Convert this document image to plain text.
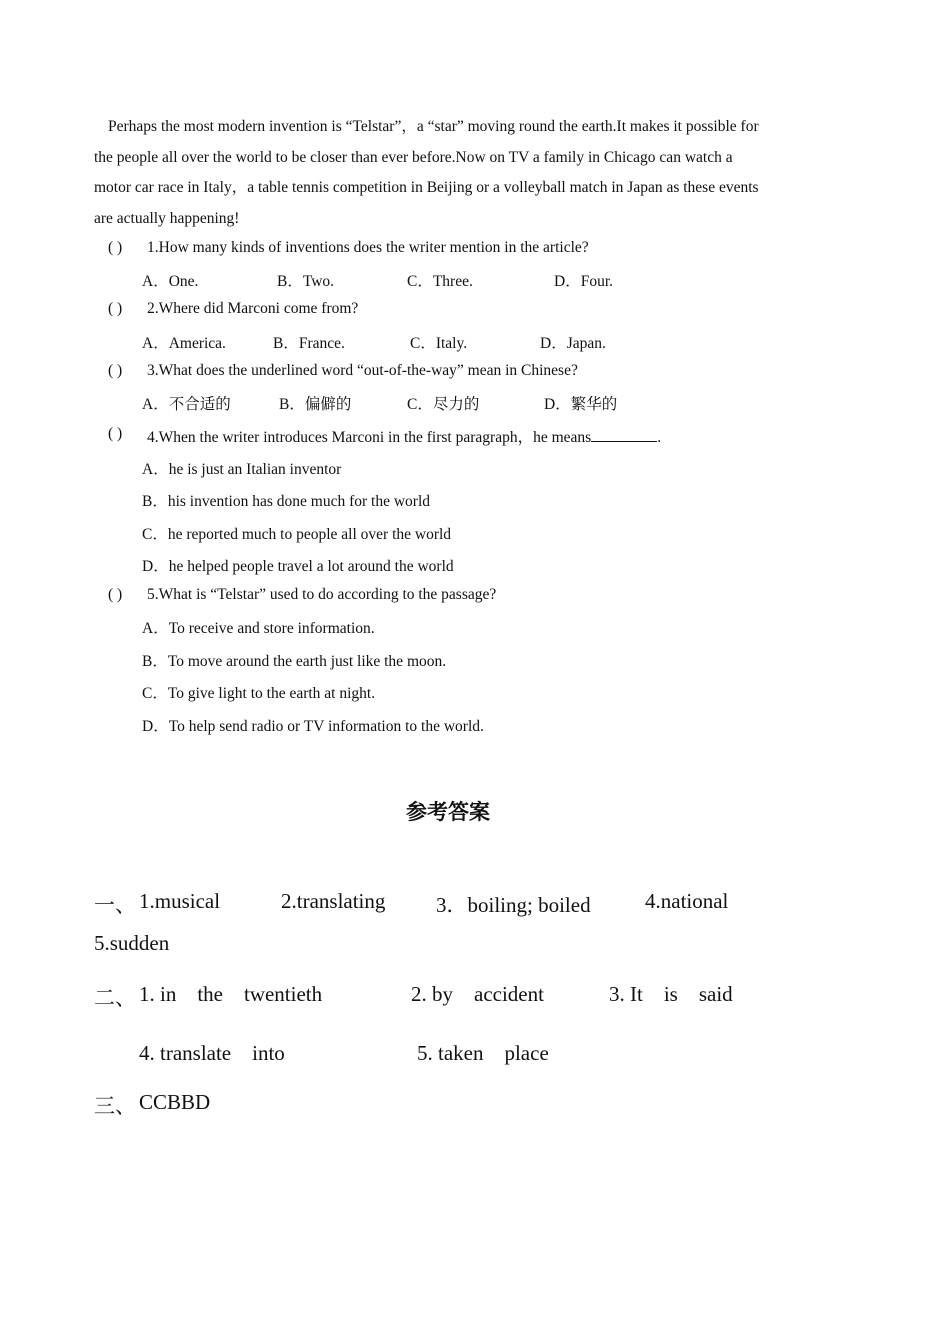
Perhaps the most modern invention is “Telstar”，a “star” moving round the earth.It makes it possible for
the people all over the world to be closer than ever before.Now on TV a family in Chicago can watch a
motor car race in Italy，a table tennis competition in Beijing or a volleyball match in Japan as these events
are actually happening!
( ) 1.How many kinds of inventions does the writer mention in the article?
A．One.	B．Two.	C．Three.	D．Four.
( ) 2.Where did Marconi come from?
A．America.	B．France.	C．Italy.	D．Japan.
( ) 3.What does the underlined word “out-of-the-way” mean in Chinese?
A．不合适的	B．偏僻的	C．尽力的	D．繁华的
( ) 4.When the writer introduces Marconi in the first paragraph，he means	.
A．he is just an Italian inventor
B．his invention has done much for the world
C．he reported much to people all over the world
D．he helped people travel a lot around the world
( ) 5.What is “Telstar” used to do according to the passage?
A．To receive and store information.
B．To move around the earth just like the moon.
C．To give light to the earth at night.
D．To help send radio or TV information to the world.
参考答案
一、 1.musical	2.translating 3．boiling; boiled	4.national
5.sudden
二、 1. in    the    twentieth	2. by    accident	3. It    is    said
4. translate    into	5. taken    place
三、 CCBBD
